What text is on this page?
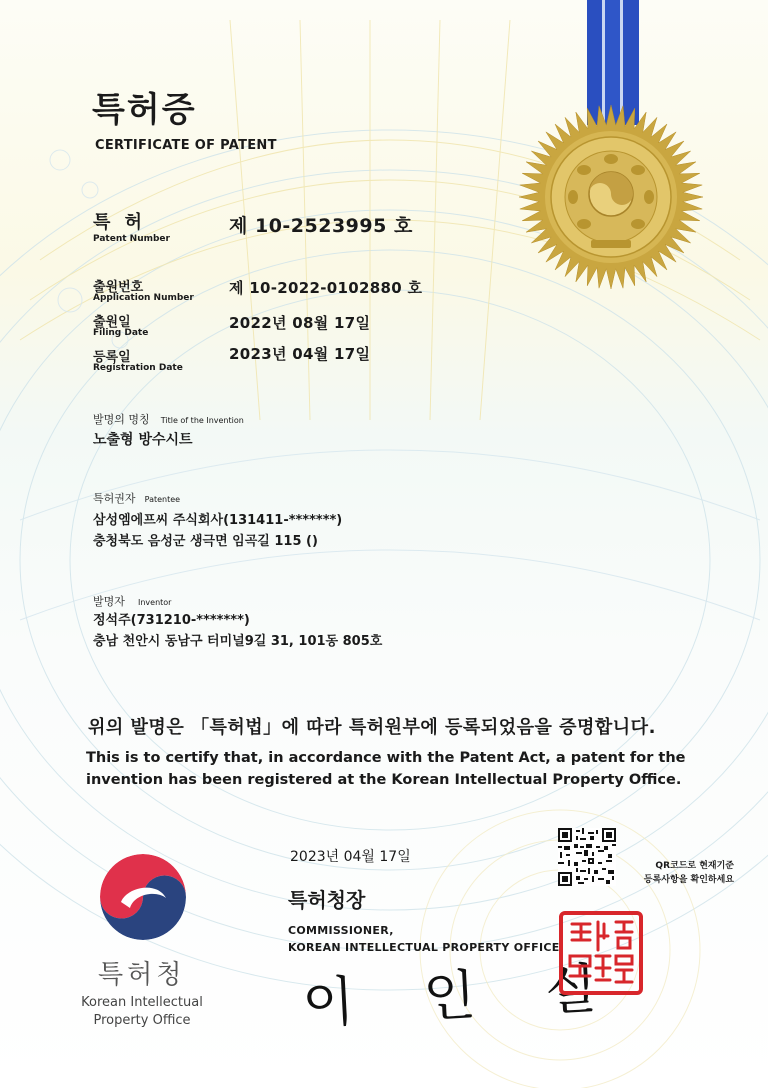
특허증
CERTIFICATE OF PATENT
특 허
Patent Number
제 10-2523995 호
출원번호
Application Number
제 10-2022-0102880 호
출원일
Filing Date
2022년 08월 17일
등록일
Registration Date
2023년 04월 17일
발명의 명칭 Title of the Invention
노출형 방수시트
특허권자 Patentee
삼성엠에프씨 주식회사(131411-*******)
충청북도 음성군 생극면 임곡길 115 ()
발명자 Inventor
정석주(731210-*******)
충남 천안시 동남구 터미널9길 31, 101동 805호
위의 발명은 「특허법」에 따라 특허원부에 등록되었음을 증명합니다.
This is to certify that, in accordance with the Patent Act, a patent for the
invention has been registered at the Korean Intellectual Property Office.
특허청
Korean Intellectual
Property Office
2023년 04월 17일
QR코드로 현재기준
등록사항을 확인하세요
특허청장
COMMISSIONER,
KOREAN INTELLECTUAL PROPERTY OFFICE
이 인 실
